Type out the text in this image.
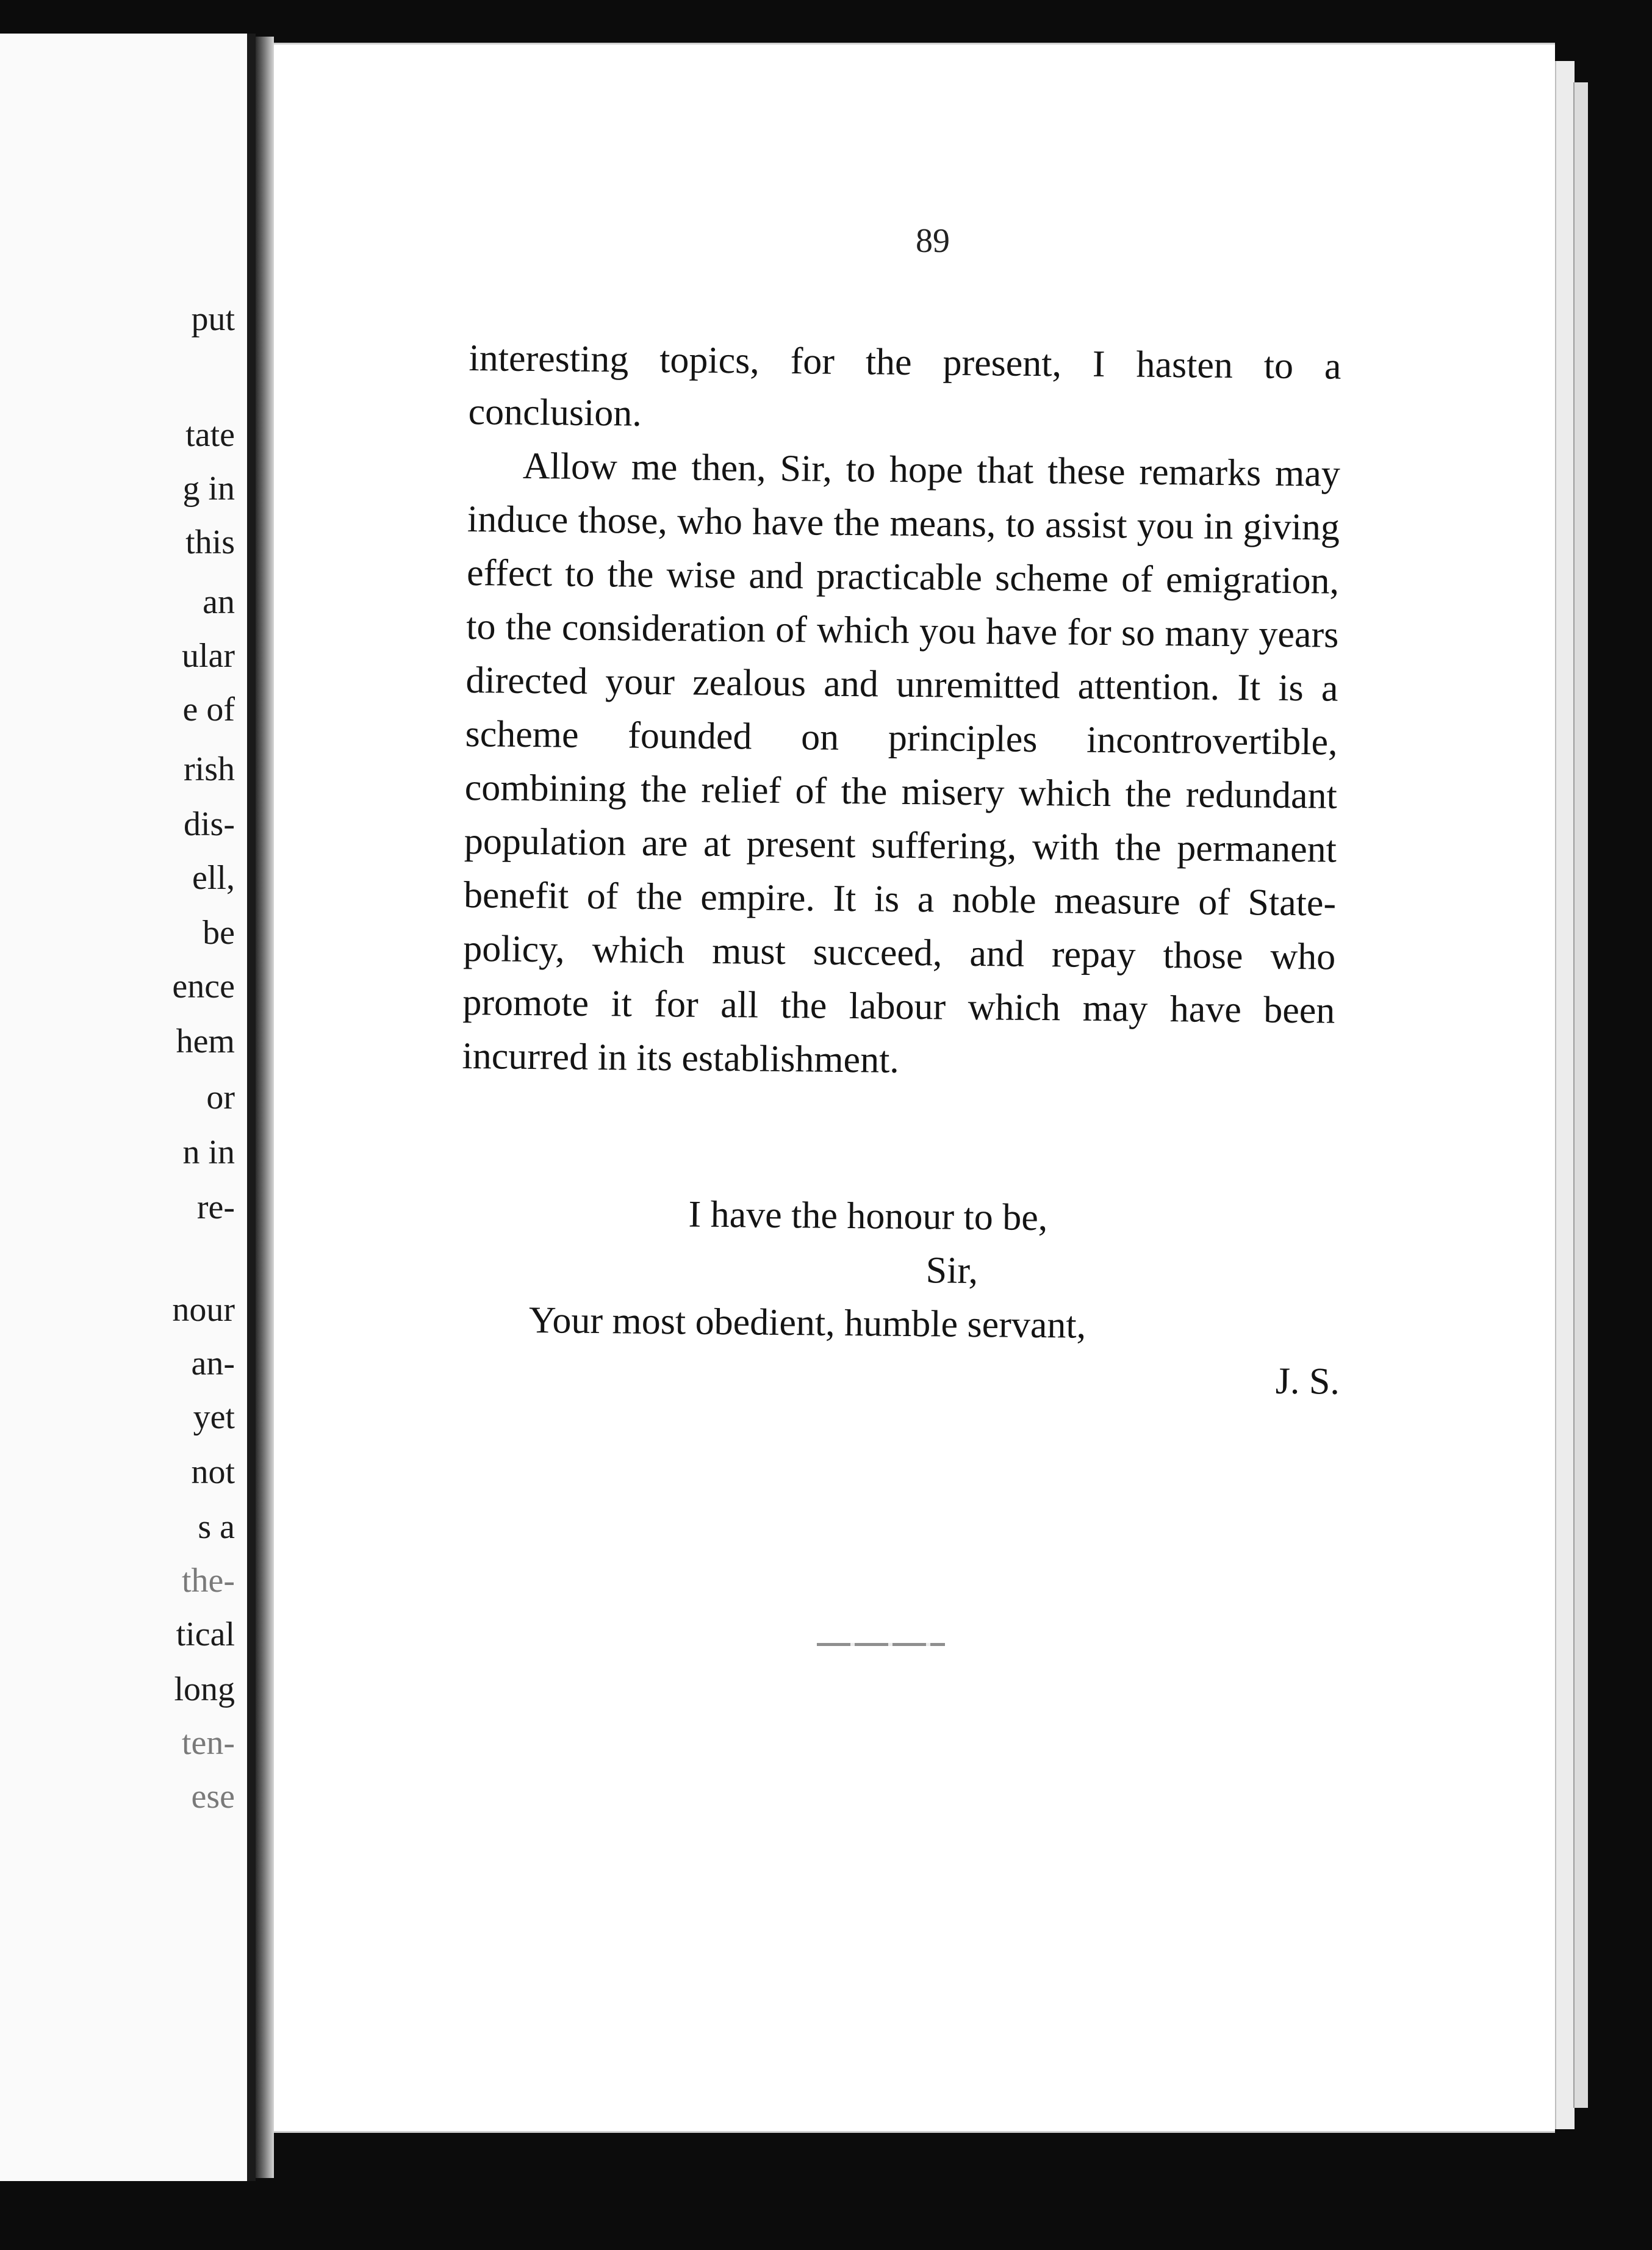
put
tate
g in
this
an
ular
e of
rish
dis-
ell,
be
ence
hem
or
n in
re-
nour
an-
yet
not
s a
the-
tical
long
ten-
ese
89

interesting topics, for the present, I hasten to a conclusion.

Allow me then, Sir, to hope that these remarks may induce those, who have the means, to assist you in giving effect to the wise and practicable scheme of emigration, to the consideration of which you have for so many years directed your zealous and unremitted attention. It is a scheme founded on principles incontrovertible, combining the relief of the misery which the redundant population are at present suffering, with the permanent benefit of the empire. It is a noble measure of State-policy, which must succeed, and repay those who promote it for all the labour which may have been incurred in its establishment.

I have the honour to be,
Sir,
Your most obedient, humble servant,
J. S.
